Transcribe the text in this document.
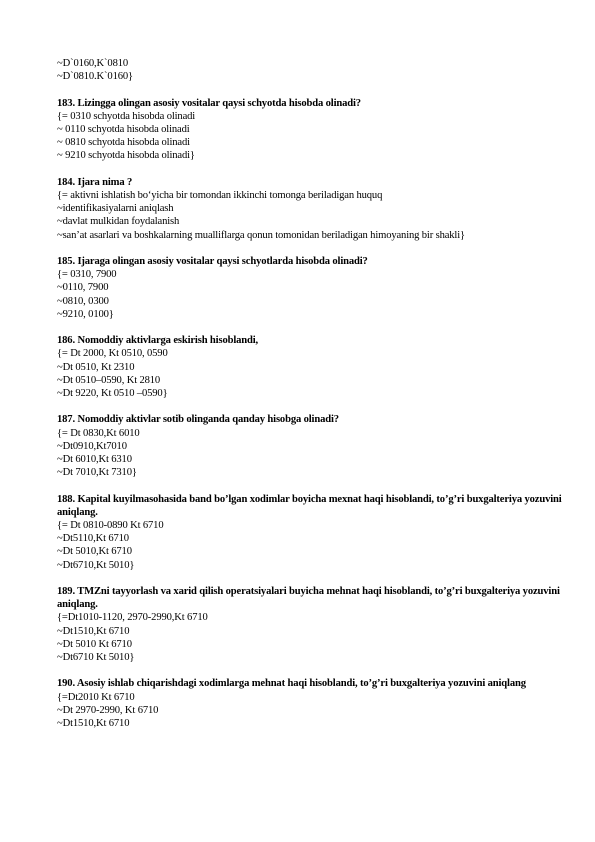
~D`0160,K`0810
~D`0810.K`0160}
183. Lizingga olingan asosiy vositalar qaysi schyotda hisobda olinadi?
{= 0310 schyotda hisobda olinadi
~ 0110 schyotda hisobda olinadi
~ 0810 schyotda hisobda olinadi
~ 9210 schyotda hisobda olinadi}
184. Ijara nima ?
{= aktivni ishlatish bo‘yicha bir tomondan ikkinchi tomonga beriladigan huquq
~identifikasiyalarni aniqlash
~davlat mulkidan foydalanish
~san’at asarlari va boshkalarning mualliflarga qonun tomonidan beriladigan himoyaning bir shakli}
185. Ijaraga olingan asosiy vositalar qaysi schyotlarda hisobda olinadi?
{= 0310, 7900
~0110, 7900
~0810, 0300
~9210, 0100}
186. Nomoddiy aktivlarga eskirish hisoblandi,
{= Dt 2000, Kt 0510, 0590
~Dt 0510, Kt 2310
~Dt 0510–0590, Kt 2810
~Dt 9220, Kt 0510 –0590}
187. Nomoddiy aktivlar sotib olinganda qanday hisobga olinadi?
{= Dt 0830,Kt 6010
~Dt0910,Kt7010
~Dt 6010,Kt 6310
~Dt 7010,Kt 7310}
188. Kapital kuyilmasohasida band bo’lgan xodimlar boyicha mexnat haqi hisoblandi, to’g’ri buxgalteriya yozuvini aniqlang.
{= Dt 0810-0890 Kt 6710
~Dt5110,Kt 6710
~Dt 5010,Kt 6710
~Dt6710,Kt 5010}
189. TMZni tayyorlash va xarid qilish operatsiyalari buyicha mehnat haqi hisoblandi, to’g’ri buxgalteriya yozuvini aniqlang.
{=Dt1010-1120, 2970-2990,Kt 6710
~Dt1510,Kt 6710
~Dt 5010 Kt 6710
~Dt6710 Kt 5010}
190. Asosiy ishlab chiqarishdagi xodimlarga mehnat haqi hisoblandi, to’g’ri buxgalteriya yozuvini aniqlang
{=Dt2010 Kt 6710
~Dt 2970-2990, Kt 6710
~Dt1510,Kt 6710
